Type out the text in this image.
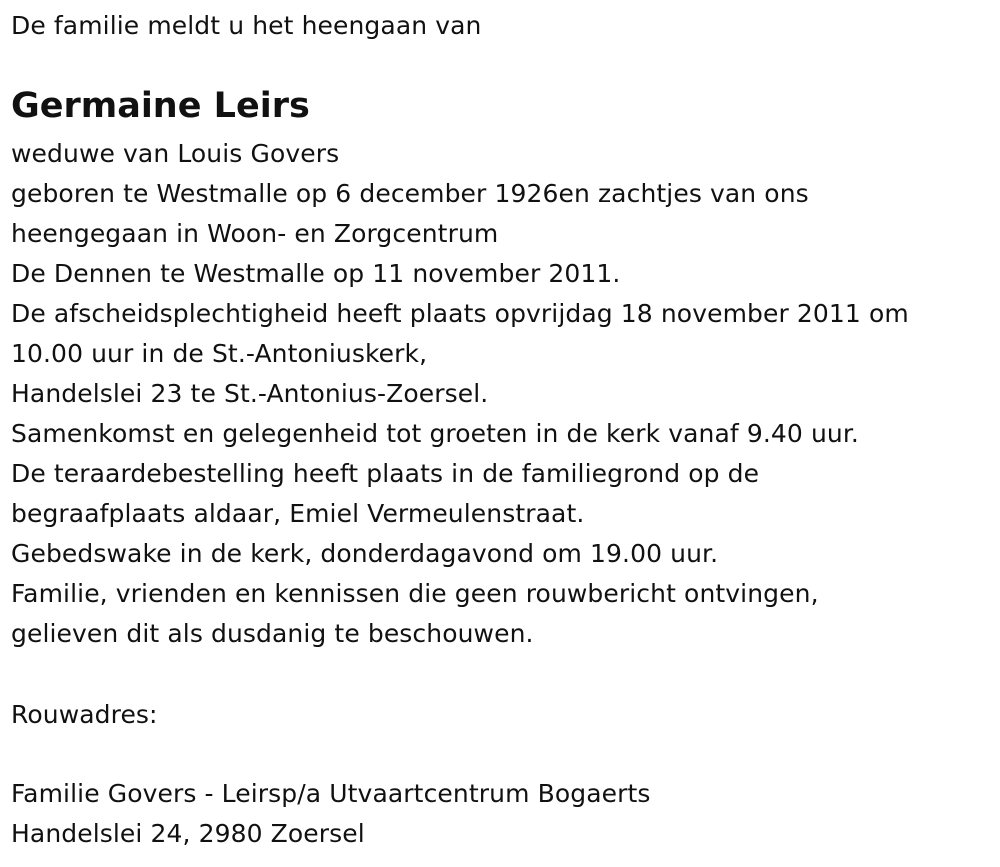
De familie meldt u het heengaan van
Germaine Leirs
weduwe van Louis Govers
geboren te Westmalle op 6 december 1926en zachtjes van ons
heengegaan in Woon- en Zorgcentrum
De Dennen te Westmalle op 11 november 2011.
De afscheidsplechtigheid heeft plaats opvrijdag 18 november 2011 om
10.00 uur in de St.-Antoniuskerk,
Handelslei 23 te St.-Antonius-Zoersel.
Samenkomst en gelegenheid tot groeten in de kerk vanaf 9.40 uur.
De teraardebestelling heeft plaats in de familiegrond op de
begraafplaats aldaar, Emiel Vermeulenstraat.
Gebedswake in de kerk, donderdagavond om 19.00 uur.
Familie, vrienden en kennissen die geen rouwbericht ontvingen,
gelieven dit als dusdanig te beschouwen.
Rouwadres:
Familie Govers - Leirsp/a Utvaartcentrum Bogaerts
Handelslei 24, 2980 Zoersel
